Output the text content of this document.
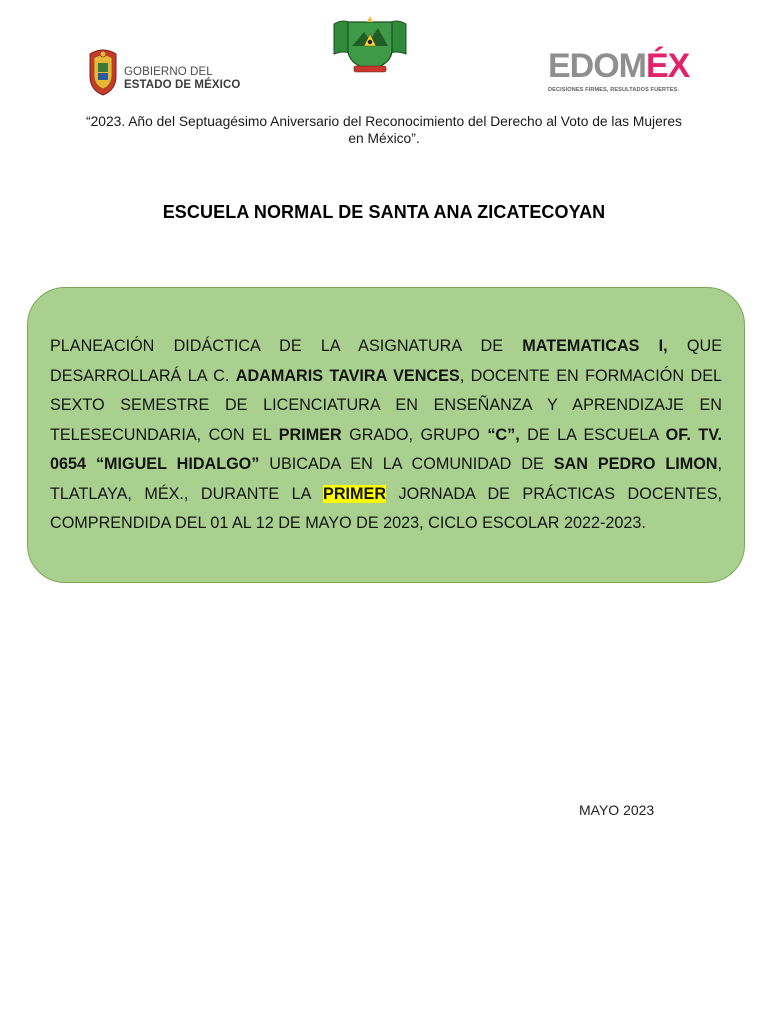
GOBIERNO DEL
ESTADO DE MÉXICO	EDOMÉX
DECISIONES FIRMES, RESULTADOS FUERTES.
“2023. Año del Septuagésimo Aniversario del Reconocimiento del Derecho al Voto de las Mujeres en México”.
ESCUELA NORMAL DE SANTA ANA ZICATECOYAN
PLANEACIÓN DIDÁCTICA DE LA ASIGNATURA DE MATEMATICAS I, QUE DESARROLLARÁ LA C. ADAMARIS TAVIRA VENCES, DOCENTE EN FORMACIÓN DEL SEXTO SEMESTRE DE LICENCIATURA EN ENSEÑANZA Y APRENDIZAJE EN TELESECUNDARIA, CON EL PRIMER GRADO, GRUPO “C”, DE LA ESCUELA OF. TV. 0654 “MIGUEL HIDALGO” UBICADA EN LA COMUNIDAD DE SAN PEDRO LIMON, TLATLAYA, MÉX., DURANTE LA PRIMER JORNADA DE PRÁCTICAS DOCENTES, COMPRENDIDA DEL 01 AL 12 DE MAYO DE 2023, CICLO ESCOLAR 2022-2023.
MAYO 2023
